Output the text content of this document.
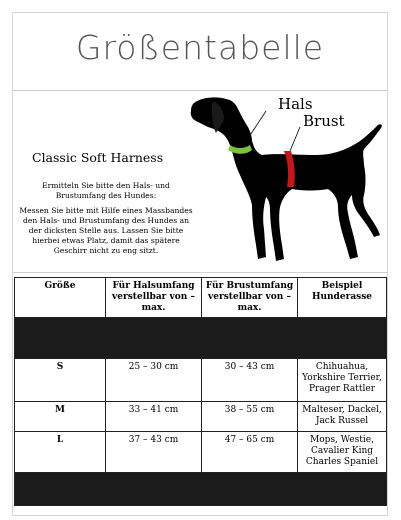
Größentabelle
Classic Soft Harness

Ermitteln Sie bitte den Hals- und Brustumfang des Hundes:

Messen Sie bitte mit Hilfe eines Massbandes den Hals- und Brustumfang des Hundes an der dicksten Stelle aus. Lassen Sie bitte hierbei etwas Platz, damit das spätere Geschirr nicht zu eng sitzt.

Hals
Brust
Größe	Für Halsumfang verstellbar von – max.	Für Brustumfang verstellbar von – max.	Beispiel Hunderasse

S	25 – 30 cm	30 – 43 cm	Chihuahua, Yorkshire Terrier, Prager Rattler
M	33 – 41 cm	38 – 55 cm	Malteser, Dackel, Jack Russel
L	37 – 43 cm	47 – 65 cm	Mops, Westie, Cavalier King Charles Spaniel
